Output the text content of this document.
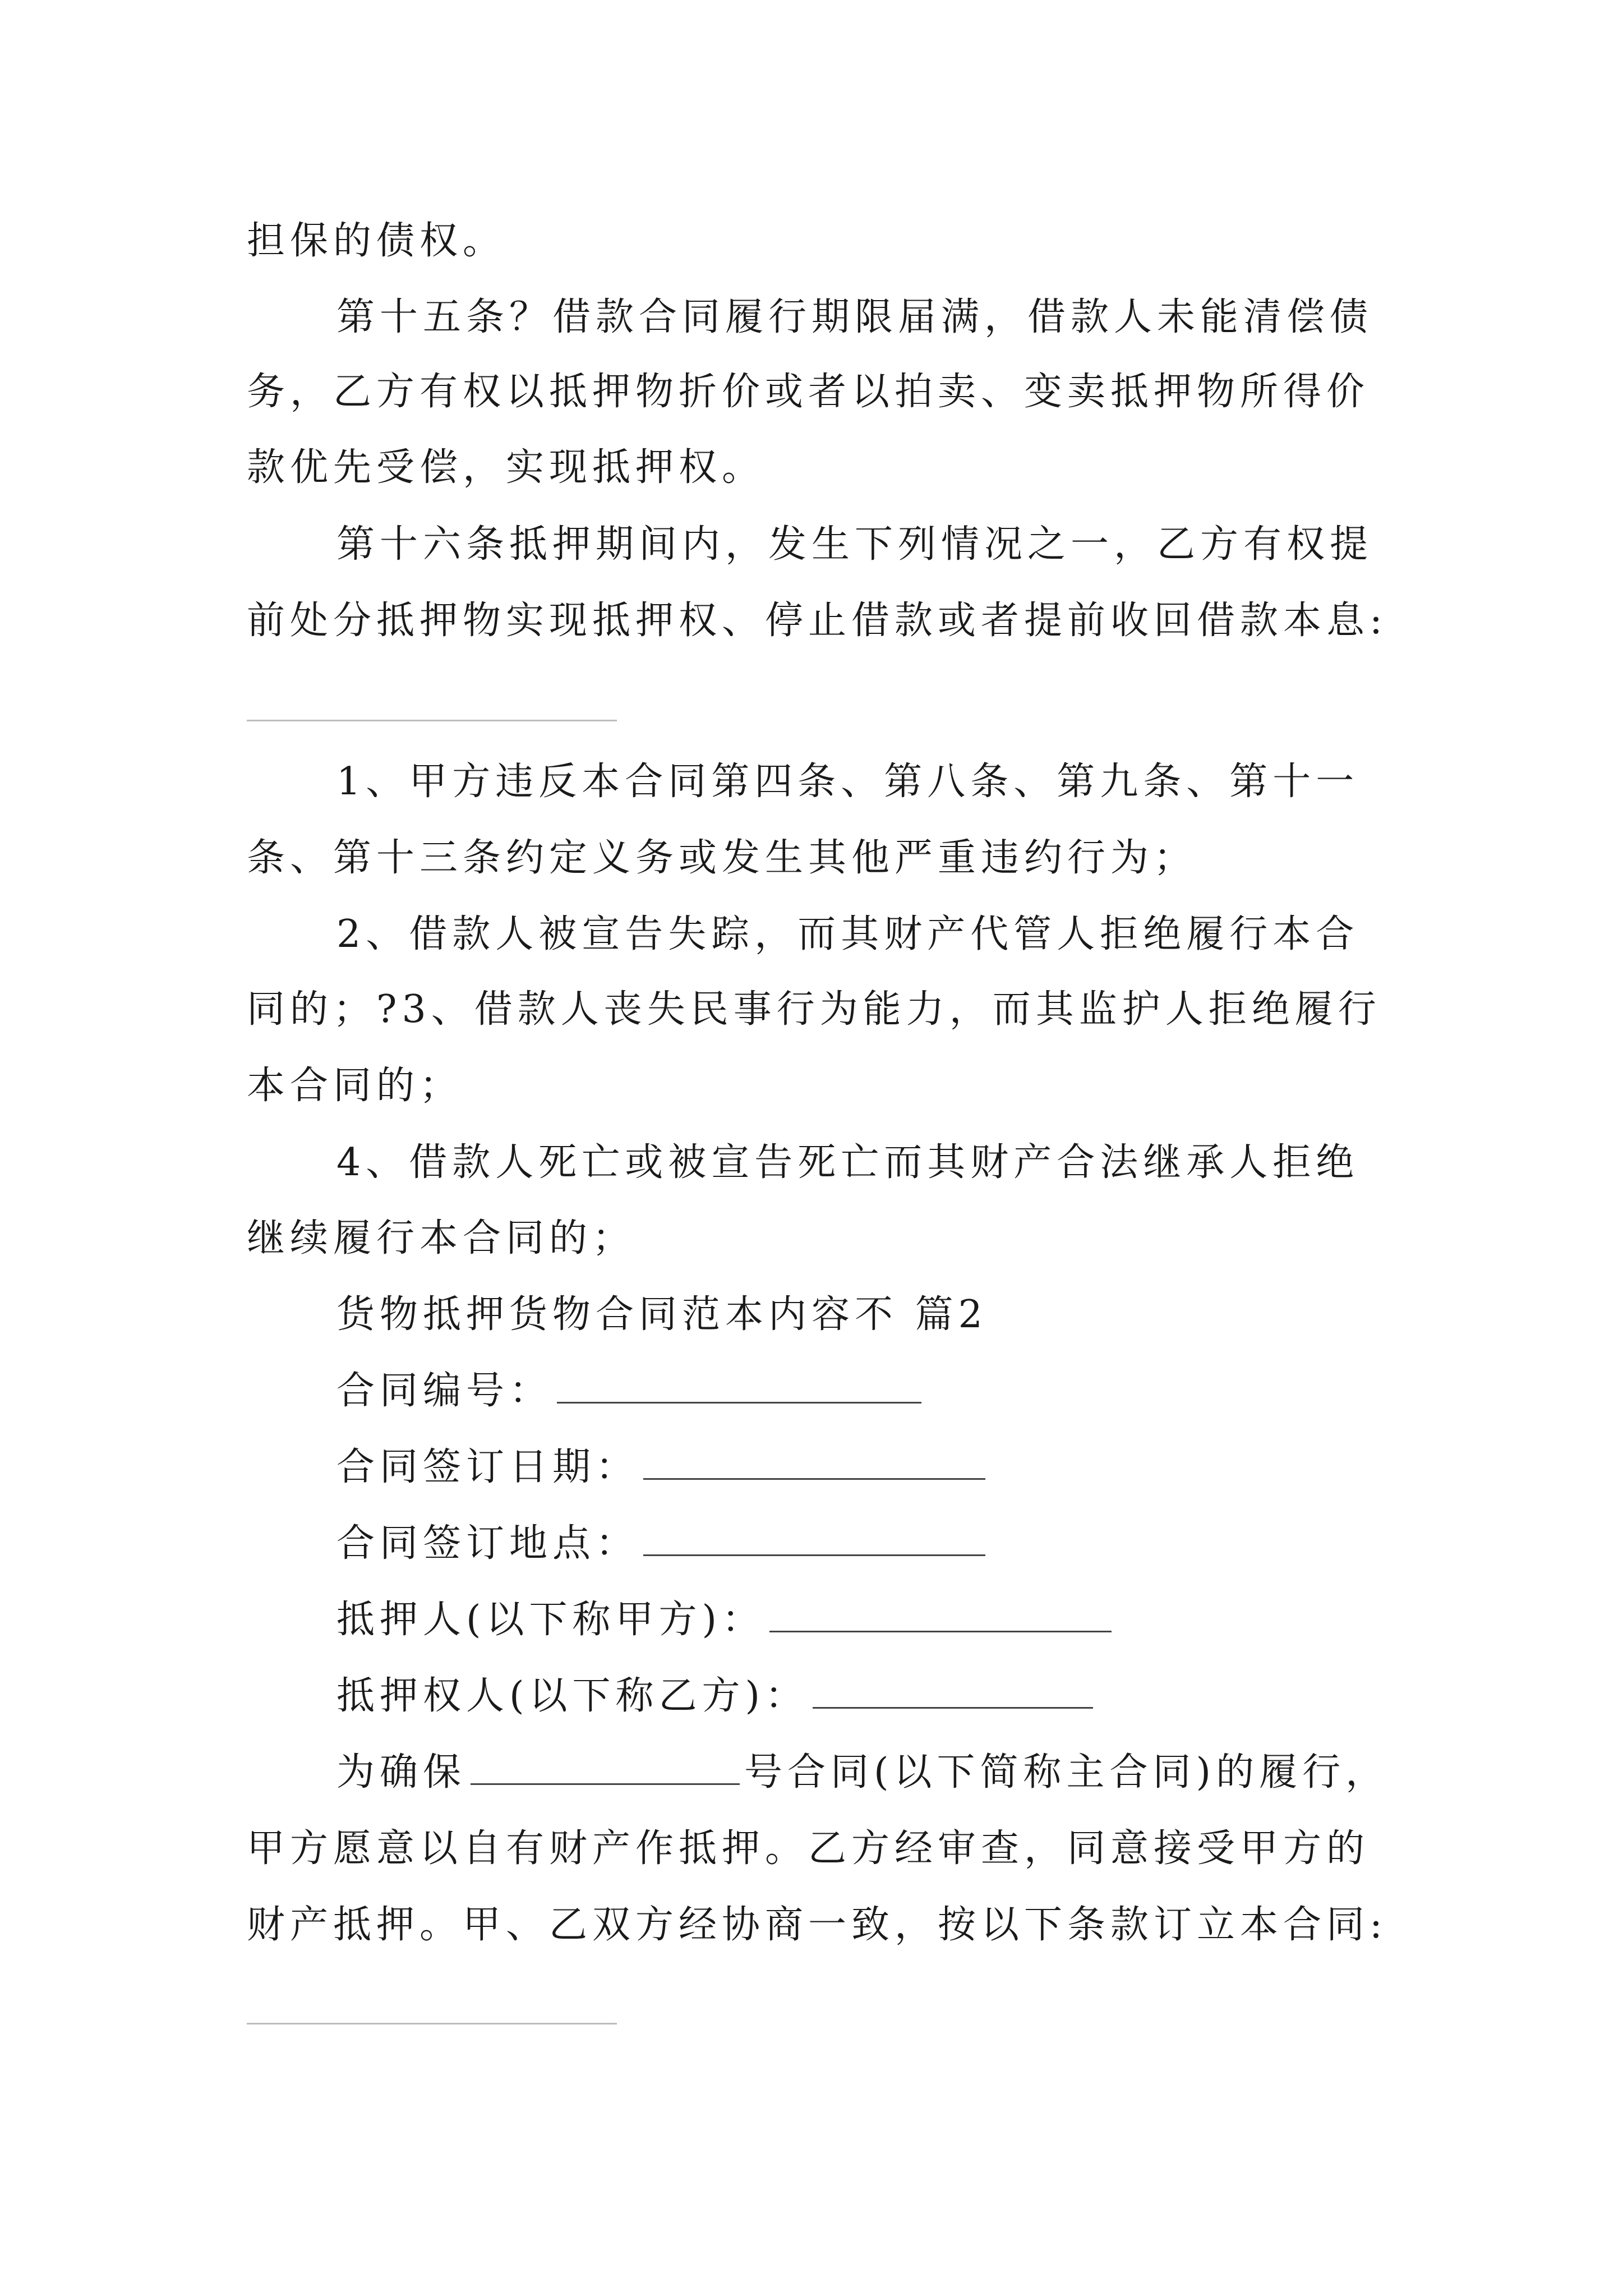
担保的债权。
第十五条？借款合同履行期限届满，借款人未能清偿债
务，乙方有权以抵押物折价或者以拍卖、变卖抵押物所得价
款优先受偿，实现抵押权。
第十六条抵押期间内，发生下列情况之一，乙方有权提
前处分抵押物实现抵押权、停止借款或者提前收回借款本息:
1、甲方违反本合同第四条、第八条、第九条、第十一
条、第十三条约定义务或发生其他严重违约行为；
2、借款人被宣告失踪，而其财产代管人拒绝履行本合
同的；?3、借款人丧失民事行为能力，而其监护人拒绝履行
本合同的；
4、借款人死亡或被宣告死亡而其财产合法继承人拒绝
继续履行本合同的；
货物抵押货物合同范本内容不 篇2
合同编号：
合同签订日期：
合同签订地点：
抵押人(以下称甲方)：
抵押权人(以下称乙方)：
为确保	号合同(以下简称主合同)的履行，
甲方愿意以自有财产作抵押。乙方经审查，同意接受甲方的
财产抵押。甲、乙双方经协商一致，按以下条款订立本合同:
